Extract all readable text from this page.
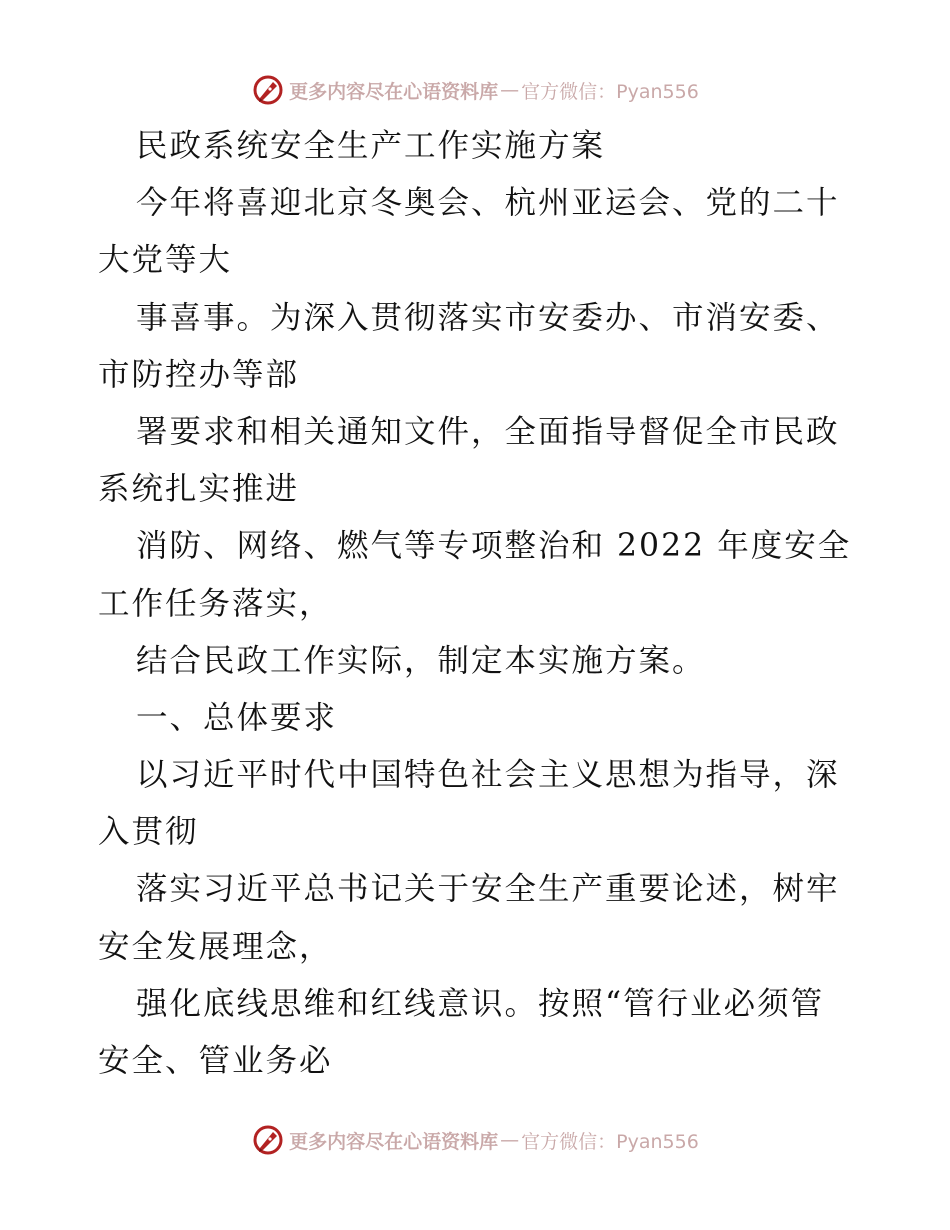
更多内容尽在心语资料库 — 官方微信：Pyan556
民政系统安全生产工作实施方案
今年将喜迎北京冬奥会、杭州亚运会、党的二十
大党等大
事喜事。为深入贯彻落实市安委办、市消安委、
市防控办等部
署要求和相关通知文件，全面指导督促全市民政
系统扎实推进
消防、网络、燃气等专项整治和 2022 年度安全
工作任务落实，
结合民政工作实际，制定本实施方案。
一、总体要求
以习近平时代中国特色社会主义思想为指导，深
入贯彻
落实习近平总书记关于安全生产重要论述，树牢
安全发展理念，
强化底线思维和红线意识。按照“管行业必须管
安全、管业务必
更多内容尽在心语资料库 — 官方微信：Pyan556
